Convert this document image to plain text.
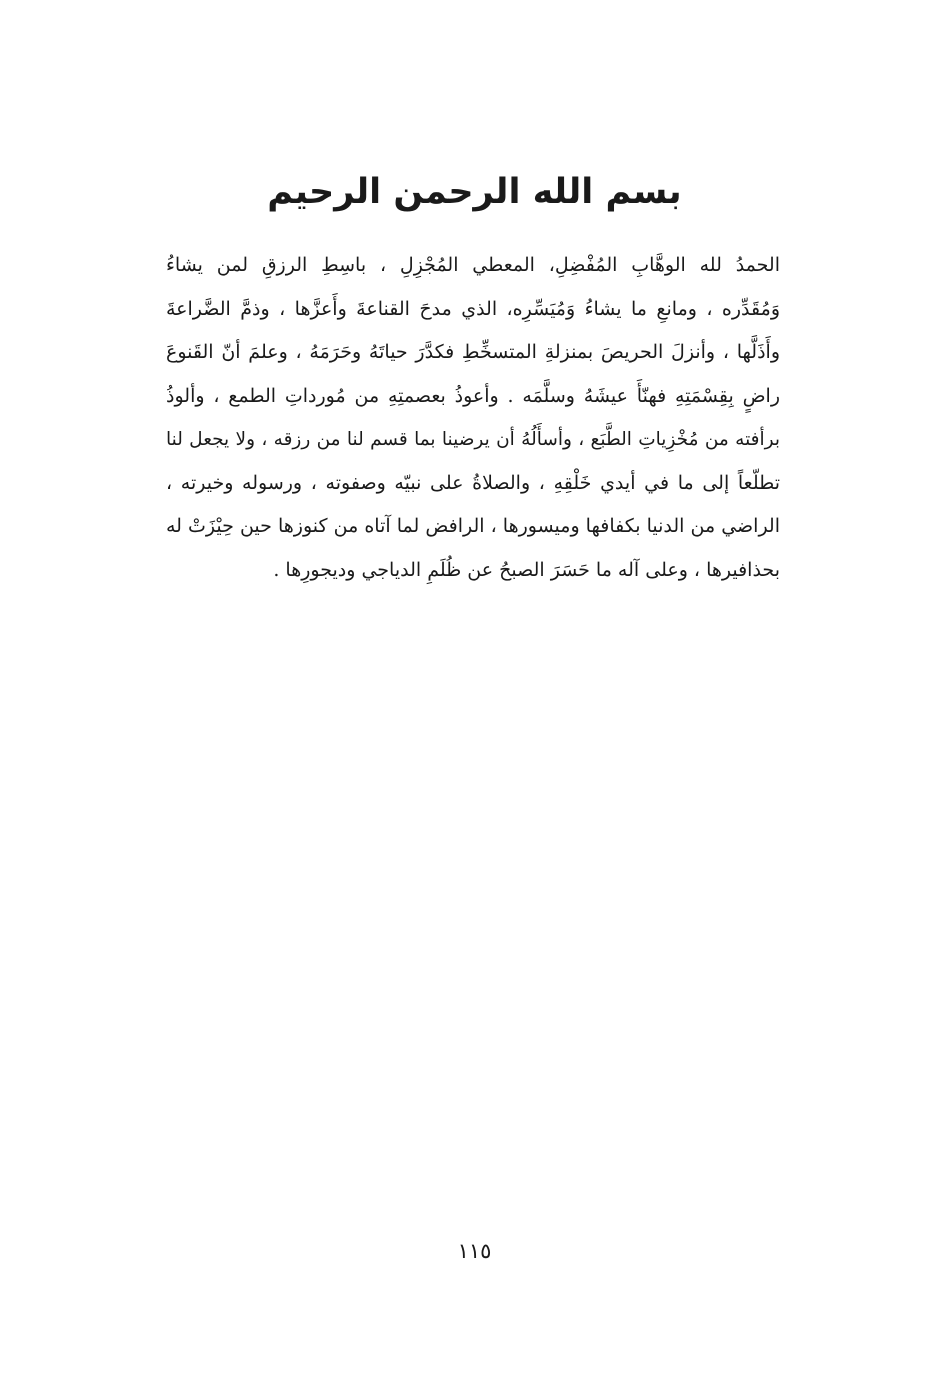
بسم الله الرحمن الرحيم
الحمدُ لله الوهَّابِ المُفْضِلِ، المعطي المُجْزِلِ ، باسِطِ الرزقِ لمن يشاءُ
وَمُقَدِّره ، ومانعِ ما يشاءُ وَمُيَسِّرِه، الذي مدحَ القناعةَ وأَعزَّها ، وذمَّ الضَّراعةَ
وأَذَلَّها ، وأنزلَ الحريصَ بمنزلةِ المتسخِّطِ فكدَّرَ حياتَهُ وحَرَمَهُ ، وعلمَ أنّ القَنوعَ
راضٍ بِقِسْمَتِهِ فهنّأَ عيشَهُ وسلَّمَه . وأعوذُ بعصمتِهِ من مُورداتِ الطمع ، وألوذُ
برأفته من مُخْزِياتِ الطَّبَع ، وأسأَلُهُ أن يرضينا بما قسم لنا من رزقه ، ولا يجعل لنا
تطلّعاً إلى ما في أيدي خَلْقِهِ ، والصلاةُ على نبيّه وصفوته ، ورسوله وخيرته ،
الراضي من الدنيا بكفافها وميسورها ، الرافض لما آتاه من كنوزها حين حِيْزَتْ له
بحذافيرها ، وعلى آله ما حَسَرَ الصبحُ عن ظُلَمِ الدياجي وديجورِها .
١١٥
